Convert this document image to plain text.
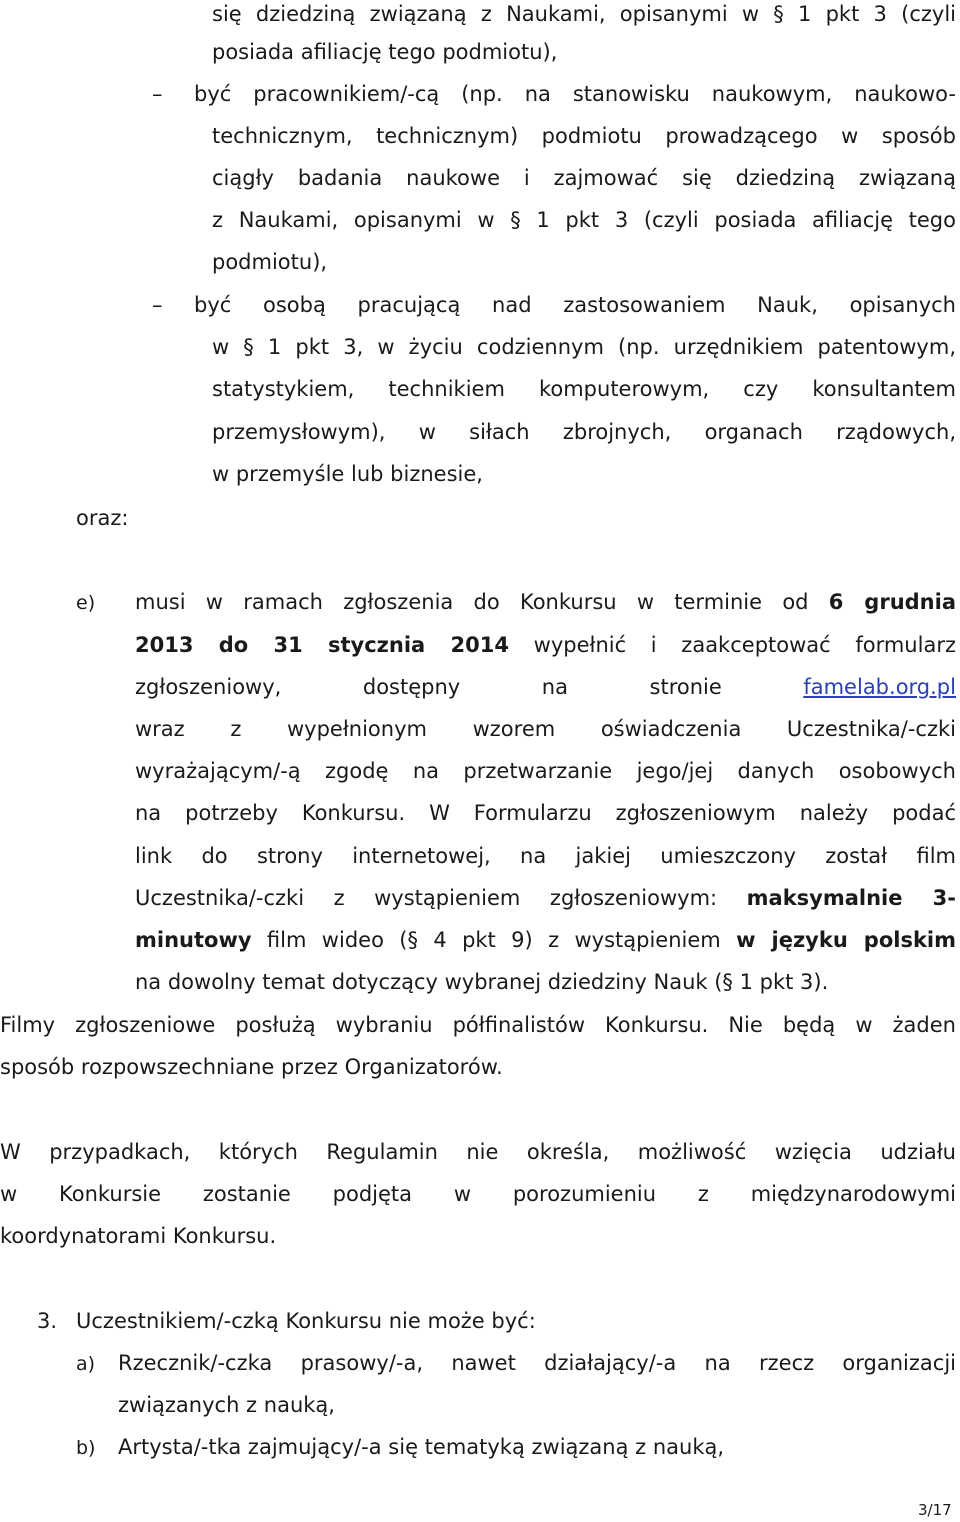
się dziedziną związaną z Naukami, opisanymi w § 1 pkt 3 (czyli
posiada afiliację tego podmiotu),
– być pracownikiem/-cą (np. na stanowisku naukowym, naukowo-
technicznym, technicznym) podmiotu prowadzącego w sposób
ciągły badania naukowe i zajmować się dziedziną związaną
z Naukami, opisanymi w § 1 pkt 3 (czyli posiada afiliację tego
podmiotu),
– być osobą pracującą nad zastosowaniem Nauk, opisanych
w § 1 pkt 3, w życiu codziennym (np. urzędnikiem patentowym,
statystykiem, technikiem komputerowym, czy konsultantem
przemysłowym), w siłach zbrojnych, organach rządowych,
w przemyśle lub biznesie,
oraz:
e) musi w ramach zgłoszenia do Konkursu w terminie od 6 grudnia
2013 do 31 stycznia 2014 wypełnić i zaakceptować formularz
zgłoszeniowy, dostępny na stronie	famelab.org.pl
wraz z wypełnionym wzorem oświadczenia Uczestnika/-czki
wyrażającym/-ą zgodę na przetwarzanie jego/jej danych osobowych
na potrzeby Konkursu. W Formularzu zgłoszeniowym należy podać
link do strony internetowej, na jakiej umieszczony został film
Uczestnika/-czki z wystąpieniem zgłoszeniowym: maksymalnie 3-
minutowy film wideo (§ 4 pkt 9) z wystąpieniem w języku polskim
na dowolny temat dotyczący wybranej dziedziny Nauk (§ 1 pkt 3).
Filmy zgłoszeniowe posłużą wybraniu półfinalistów Konkursu. Nie będą w żaden
sposób rozpowszechniane przez Organizatorów.
W przypadkach, których Regulamin nie określa, możliwość wzięcia udziału
w Konkursie zostanie podjęta w porozumieniu z międzynarodowymi
koordynatorami Konkursu.
3. Uczestnikiem/-czką Konkursu nie może być:
a) Rzecznik/-czka prasowy/-a, nawet działający/-a na rzecz organizacji
związanych z nauką,
b) Artysta/-tka zajmujący/-a się tematyką związaną z nauką,
3/17
